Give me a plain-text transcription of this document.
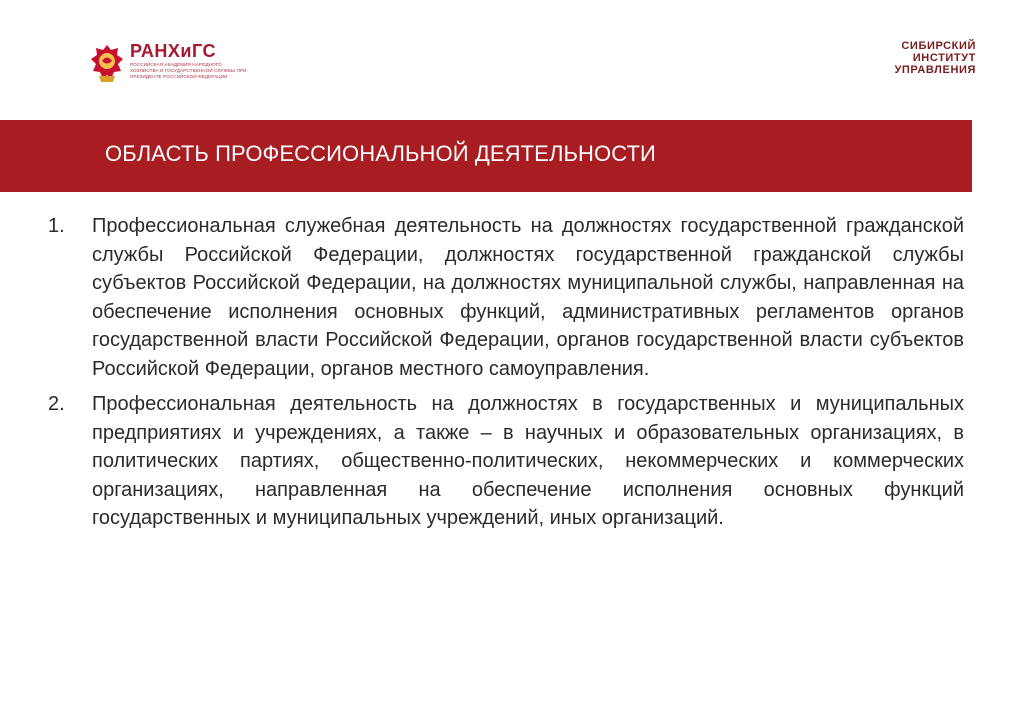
РАНХиГС
РОССИЙСКАЯ АКАДЕМИЯ НАРОДНОГО ХОЗЯЙСТВА И ГОСУДАРСТВЕННОЙ СЛУЖБЫ ПРИ ПРЕЗИДЕНТЕ РОССИЙСКОЙ ФЕДЕРАЦИИ
СИБИРСКИЙ
ИНСТИТУТ
УПРАВЛЕНИЯ
ОБЛАСТЬ ПРОФЕССИОНАЛЬНОЙ ДЕЯТЕЛЬНОСТИ
1. Профессиональная служебная деятельность на должностях государственной гражданской службы Российской Федерации, должностях государственной гражданской службы субъектов Российской Федерации, на должностях муниципальной службы, направленная на обеспечение исполнения основных функций, административных регламентов органов государственной власти Российской Федерации, органов государственной власти субъектов Российской Федерации, органов местного самоуправления.
2. Профессиональная деятельность на должностях в государственных и муниципальных предприятиях и учреждениях, а также – в научных и образовательных организациях, в политических партиях, общественно-политических, некоммерческих и коммерческих организациях, направленная на обеспечение исполнения основных функций государственных и муниципальных учреждений, иных организаций.
